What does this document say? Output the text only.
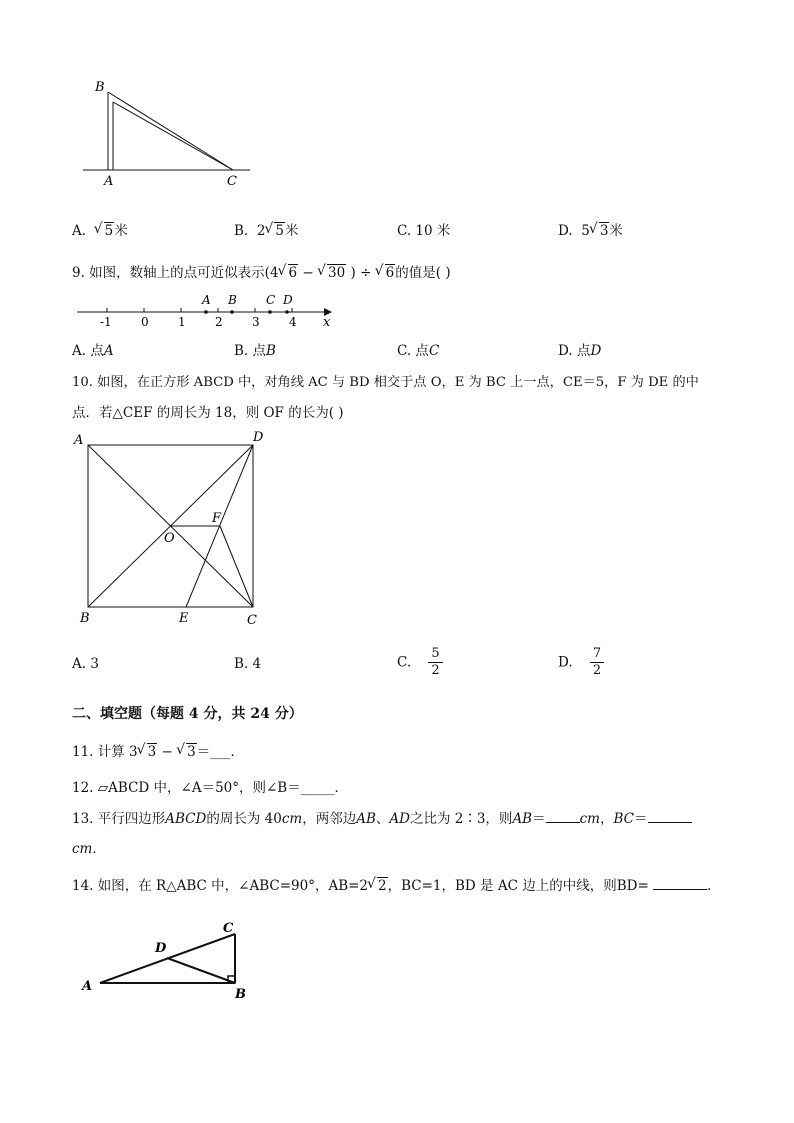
B
A	C
A. √ 5米	B. 2 √ 5米	C. 10 米	D. 5 √ 3米
9. 如图，数轴上的点可近似表示(4 √ 6 − √ 30 ) ÷ √ 6的值是( )
-1 0 1 2 3 4
A B C D
x
A. 点A	B. 点B	C. 点C	D. 点D
10. 如图，在正方形 ABCD 中，对角线 AC 与 BD 相交于点 O，E 为 BC 上一点，CE＝5，F 为 DE 的中
点．若△CEF 的周长为 18，则 OF 的长为( )
A	D
B	E	C
O
F
A. 3	B. 4	C. $\frac{5}{2}$	D. $\frac{7}{2}$
二、填空题（每题 4 分，共 24 分）
11. 计算 3 √ 3 − √ 3＝___．
12. ▱ABCD 中，∠A＝50°，则∠B＝_____．
13. 平行四边形ABCD的周长为 40cm，两邻边AB、AD之比为 2∶3，则AB＝	cm，BC＝
cm．
14. 如图，在 R△ABC 中，∠ABC=90°，AB=2 √ 2，BC=1，BD 是 AC 边上的中线，则BD=	．
A
B
C
D
